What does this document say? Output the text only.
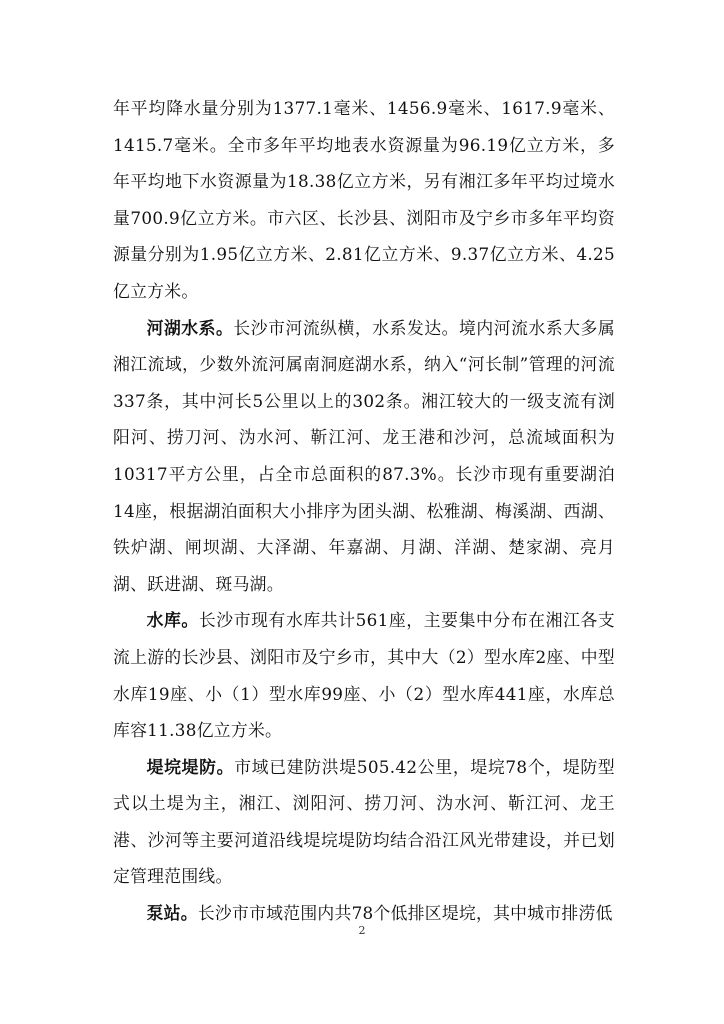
年平均降水量分别为1377.1毫米、1456.9毫米、1617.9毫米、1415.7毫米。全市多年平均地表水资源量为96.19亿立方米，多年平均地下水资源量为18.38亿立方米，另有湘江多年平均过境水量700.9亿立方米。市六区、长沙县、浏阳市及宁乡市多年平均资源量分别为1.95亿立方米、2.81亿立方米、9.37亿立方米、4.25亿立方米。

河湖水系。长沙市河流纵横，水系发达。境内河流水系大多属湘江流域，少数外流河属南洞庭湖水系，纳入“河长制”管理的河流337条，其中河长5公里以上的302条。湘江较大的一级支流有浏阳河、捞刀河、沩水河、靳江河、龙王港和沙河，总流域面积为10317平方公里，占全市总面积的87.3%。长沙市现有重要湖泊14座，根据湖泊面积大小排序为团头湖、松雅湖、梅溪湖、西湖、铁炉湖、闸坝湖、大泽湖、年嘉湖、月湖、洋湖、楚家湖、亮月湖、跃进湖、斑马湖。

水库。长沙市现有水库共计561座，主要集中分布在湘江各支流上游的长沙县、浏阳市及宁乡市，其中大（2）型水库2座、中型水库19座、小（1）型水库99座、小（2）型水库441座，水库总库容11.38亿立方米。

堤垸堤防。市域已建防洪堤505.42公里，堤垸78个，堤防型式以土堤为主，湘江、浏阳河、捞刀河、沩水河、靳江河、龙王港、沙河等主要河道沿线堤垸堤防均结合沿江风光带建设，并已划定管理范围线。

泵站。长沙市市域范围内共78个低排区堤垸，其中城市排涝低

2
